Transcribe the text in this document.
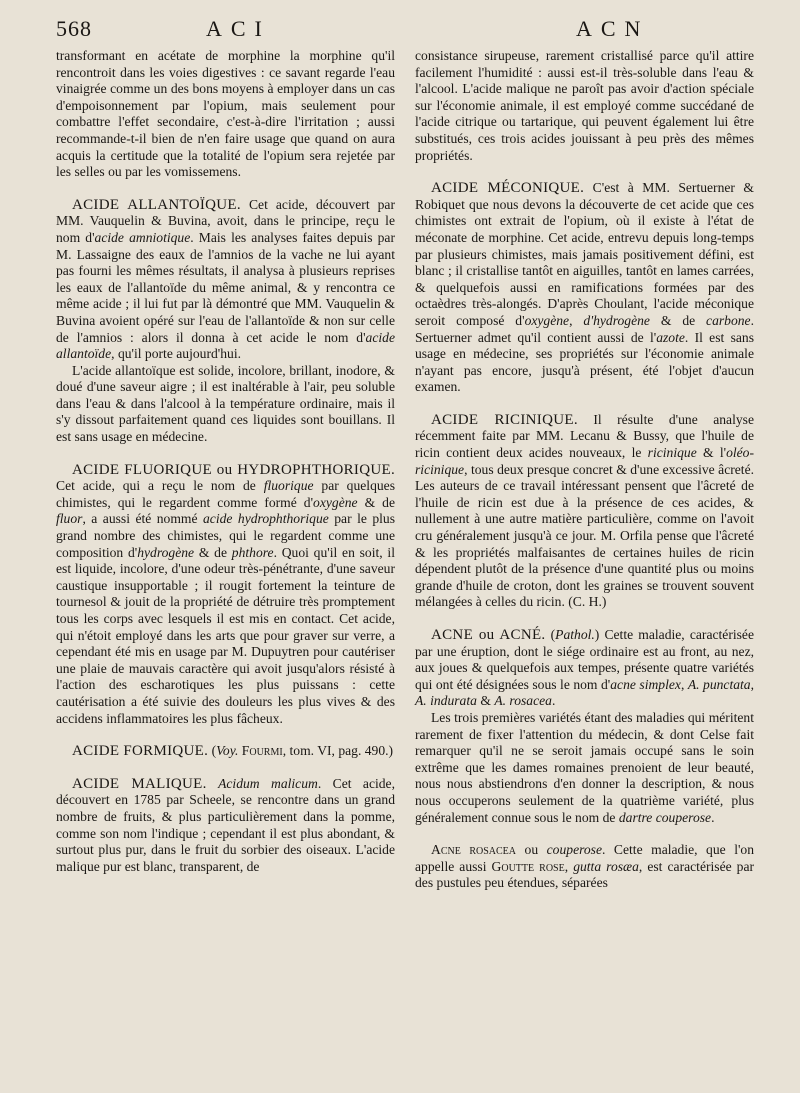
568	ACI	ACN

transformant en acétate de morphine la morphine qu'il rencontroit dans les voies digestives : ce savant regarde l'eau vinaigrée comme un des bons moyens à employer dans un cas d'empoisonnement par l'opium, mais seulement pour combattre l'effet secondaire, c'est-à-dire l'irritation ; aussi recommande-t-il bien de n'en faire usage que quand on aura acquis la certitude que la totalité de l'opium sera rejetée par les selles ou par les vomissemens.

ACIDE ALLANTOÏQUE. Cet acide, découvert par MM. Vauquelin & Buvina, avoit, dans le principe, reçu le nom d'acide amniotique. Mais les analyses faites depuis par M. Lassaigne des eaux de l'amnios de la vache ne lui ayant pas fourni les mêmes résultats, il analysa à plusieurs reprises les eaux de l'allantoïde du même animal, & y rencontra ce même acide ; il lui fut par là démontré que MM. Vauquelin & Buvina avoient opéré sur l'eau de l'allantoïde & non sur celle de l'amnios : alors il donna à cet acide le nom d'acide allantoïde, qu'il porte aujourd'hui.

L'acide allantoïque est solide, incolore, brillant, inodore, & doué d'une saveur aigre ; il est inaltérable à l'air, peu soluble dans l'eau & dans l'alcool à la température ordinaire, mais il s'y dissout parfaitement quand ces liquides sont bouillans. Il est sans usage en médecine.

ACIDE FLUORIQUE ou HYDROPHTHORIQUE. Cet acide, qui a reçu le nom de fluorique par quelques chimistes, qui le regardent comme formé d'oxygène & de fluor, a aussi été nommé acide hydrophthorique par le plus grand nombre des chimistes, qui le regardent comme une composition d'hydrogène & de phthore. Quoi qu'il en soit, il est liquide, incolore, d'une odeur très-pénétrante, d'une saveur caustique insupportable ; il rougit fortement la teinture de tournesol & jouit de la propriété de détruire très promptement tous les corps avec lesquels il est mis en contact. Cet acide, qui n'étoit employé dans les arts que pour graver sur verre, a cependant été mis en usage par M. Dupuytren pour cautériser une plaie de mauvais caractère qui avoit jusqu'alors résisté à l'action des escharotiques les plus puissans : cette cautérisation a été suivie des douleurs les plus vives & des accidens inflammatoires les plus fâcheux.

ACIDE FORMIQUE. (Voy. Fourmi, tom. VI, pag. 490.)

ACIDE MALIQUE. Acidum malicum. Cet acide, découvert en 1785 par Scheele, se rencontre dans un grand nombre de fruits, & plus particulièrement dans la pomme, comme son nom l'indique ; cependant il est plus abondant, & surtout plus pur, dans le fruit du sorbier des oiseaux. L'acide malique pur est blanc, transparent, de

consistance sirupeuse, rarement cristallisé parce qu'il attire facilement l'humidité : aussi est-il très-soluble dans l'eau & l'alcool. L'acide malique ne paroît pas avoir d'action spéciale sur l'économie animale, il est employé comme succédané de l'acide citrique ou tartarique, qui peuvent également lui être substitués, ces trois acides jouissant à peu près des mêmes propriétés.

ACIDE MÉCONIQUE. C'est à MM. Sertuerner & Robiquet que nous devons la découverte de cet acide que ces chimistes ont extrait de l'opium, où il existe à l'état de méconate de morphine. Cet acide, entrevu depuis long-temps par plusieurs chimistes, mais jamais positivement défini, est blanc ; il cristallise tantôt en aiguilles, tantôt en lames carrées, & quelquefois aussi en ramifications formées par des octaèdres très-alongés. D'après Choulant, l'acide méconique seroit composé d'oxygène, d'hydrogène & de carbone. Sertuerner admet qu'il contient aussi de l'azote. Il est sans usage en médecine, ses propriétés sur l'économie animale n'ayant pas encore, jusqu'à présent, été l'objet d'aucun examen.

ACIDE RICINIQUE. Il résulte d'une analyse récemment faite par MM. Lecanu & Bussy, que l'huile de ricin contient deux acides nouveaux, le ricinique & l'oléo-ricinique, tous deux presque concret & d'une excessive âcreté. Les auteurs de ce travail intéressant pensent que l'âcreté de l'huile de ricin est due à la présence de ces acides, & nullement à une autre matière particulière, comme on l'avoit cru généralement jusqu'à ce jour. M. Orfila pense que l'âcreté & les propriétés malfaisantes de certaines huiles de ricin dépendent plutôt de la présence d'une quantité plus ou moins grande d'huile de croton, dont les graines se trouvent souvent mélangées à celles du ricin. (C. H.)

ACNE ou ACNÉ. (Pathol.) Cette maladie, caractérisée par une éruption, dont le siége ordinaire est au front, au nez, aux joues & quelquefois aux tempes, présente quatre variétés qui ont été désignées sous le nom d'acne simplex, A. punctata, A. indurata & A. rosacea.

Les trois premières variétés étant des maladies qui méritent rarement de fixer l'attention du médecin, & dont Celse fait remarquer qu'il ne se seroit jamais occupé sans le soin extrême que les dames romaines prenoient de leur beauté, nous nous abstiendrons d'en donner la description, & nous nous occuperons seulement de la quatrième variété, plus généralement connue sous le nom de dartre couperose.

Acne rosacea ou couperose. Cette maladie, que l'on appelle aussi Goutte rose, gutta rosæa, est caractérisée par des pustules peu étendues, séparées
